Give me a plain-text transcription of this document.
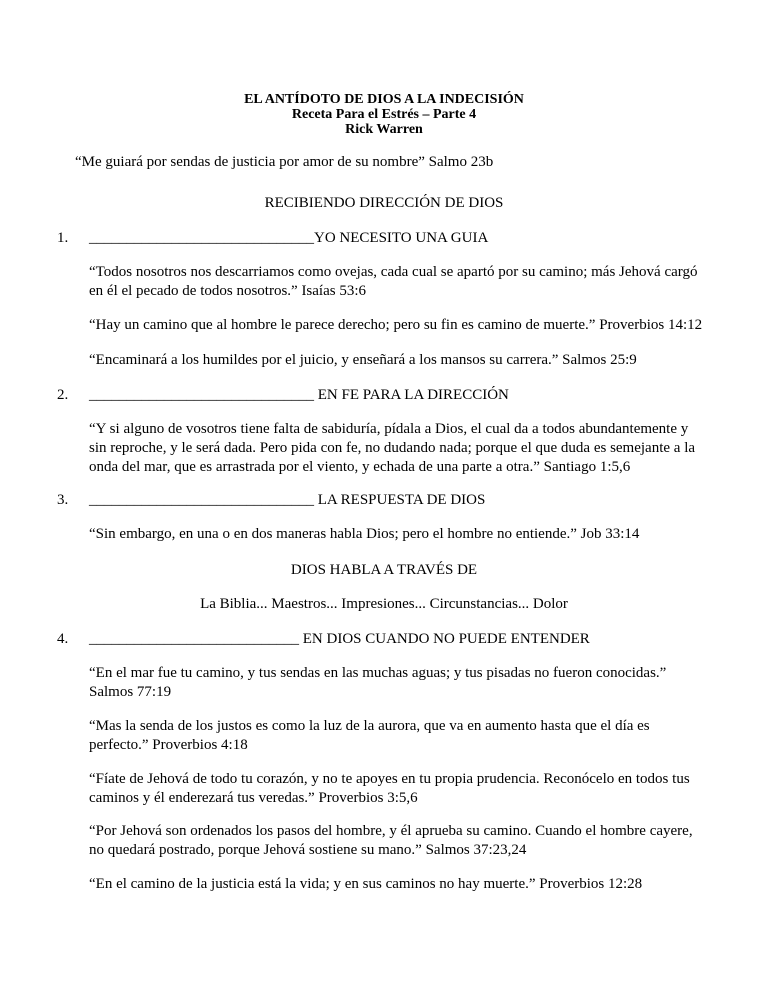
EL ANTÍDOTO DE DIOS A LA INDECISIÓN
Receta Para el Estrés – Parte 4
Rick Warren
“Me guiará por sendas de justicia por amor de su nombre” Salmo 23b
RECIBIENDO DIRECCIÓN DE DIOS
1. ______________________________YO NECESITO UNA GUIA
“Todos nosotros nos descarriamos como ovejas, cada cual se apartó por su camino; más Jehová cargó en él el pecado de todos nosotros.” Isaías 53:6
“Hay un camino que al hombre le parece derecho; pero su fin es camino de muerte.” Proverbios 14:12
“Encaminará a los humildes por el juicio, y enseñará a los mansos su carrera.” Salmos 25:9
2. ______________________________ EN FE PARA LA DIRECCIÓN
“Y si alguno de vosotros tiene falta de sabiduría, pídala a Dios, el cual da a todos abundantemente y sin reproche, y le será dada. Pero pida con fe, no dudando nada; porque el que duda es semejante a la onda del mar, que es arrastrada por el viento, y echada de una parte a otra.” Santiago 1:5,6
3. ______________________________ LA RESPUESTA DE DIOS
“Sin embargo, en una o en dos maneras habla Dios; pero el hombre no entiende.” Job 33:14
DIOS HABLA A TRAVÉS DE
La Biblia... Maestros... Impresiones... Circunstancias... Dolor
4. ____________________________ EN DIOS CUANDO NO PUEDE ENTENDER
“En el mar fue tu camino, y tus sendas en las muchas aguas; y tus pisadas no fueron conocidas.” Salmos 77:19
“Mas la senda de los justos es como la luz de la aurora, que va en aumento hasta que el día es perfecto.” Proverbios 4:18
“Fíate de Jehová de todo tu corazón, y no te apoyes en tu propia prudencia. Reconócelo en todos tus caminos y él enderezará tus veredas.” Proverbios 3:5,6
“Por Jehová son ordenados los pasos del hombre, y él aprueba su camino. Cuando el hombre cayere, no quedará postrado, porque Jehová sostiene su mano.” Salmos 37:23,24
“En el camino de la justicia está la vida; y en sus caminos no hay muerte.” Proverbios 12:28
